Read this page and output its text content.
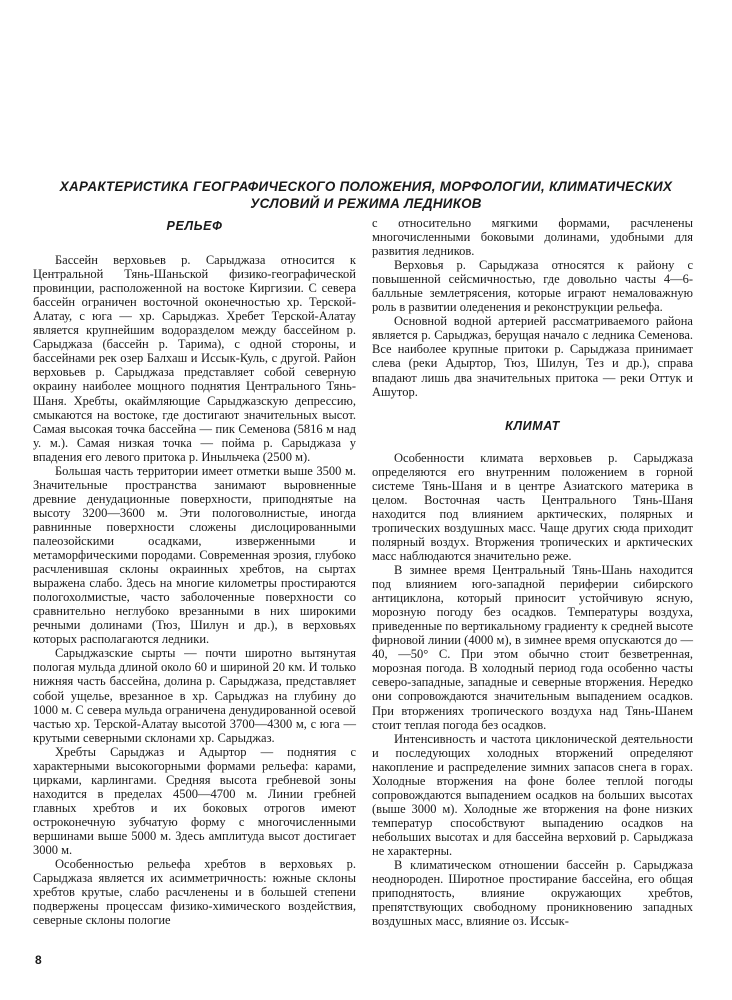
ХАРАКТЕРИСТИКА ГЕОГРАФИЧЕСКОГО ПОЛОЖЕНИЯ, МОРФОЛОГИИ, КЛИМАТИЧЕСКИХ
УСЛОВИЙ И РЕЖИМА ЛЕДНИКОВ
РЕЛЬЕФ

Бассейн верховьев р. Сарыджаза относится к Центральной Тянь-Шаньской физико-географической провинции, расположенной на востоке Киргизии. С севера бассейн ограничен восточной оконечностью хр. Терской-Алатау, с юга — хр. Сарыджаз. Хребет Терской-Алатау является крупнейшим водоразделом между бассейном р. Сарыджаза (бассейн р. Тарима), с одной стороны, и бассейнами рек озер Балхаш и Иссык-Куль, с другой. Район верховьев р. Сарыджаза представляет собой северную окраину наиболее мощного поднятия Центрального Тянь-Шаня. Хребты, окаймляющие Сарыджазскую депрессию, смыкаются на востоке, где достигают значительных высот. Самая высокая точка бассейна — пик Семенова (5816 м над у. м.). Самая низкая точка — пойма р. Сарыджаза у впадения его левого притока р. Иныльчека (2500 м).

Большая часть территории имеет отметки выше 3500 м. Значительные пространства занимают выровненные древние денудационные поверхности, приподнятые на высоту 3200—3600 м. Эти пологоволнистые, иногда равнинные поверхности сложены дислоцированными палеозойскими осадками, изверженными и метаморфическими породами. Современная эрозия, глубоко расчленившая склоны окраинных хребтов, на сыртах выражена слабо. Здесь на многие километры простираются пологохолмистые, часто заболоченные поверхности со сравнительно неглубоко врезанными в них широкими речными долинами (Тюз, Шилун и др.), в верховьях которых располагаются ледники.

Сарыджазские сырты — почти широтно вытянутая пологая мульда длиной около 60 и шириной 20 км. И только нижняя часть бассейна, долина р. Сарыджаза, представляет собой ущелье, врезанное в хр. Сарыджаз на глубину до 1000 м. С севера мульда ограничена денудированной осевой частью хр. Терской-Алатау высотой 3700—4300 м, с юга — крутыми северными склонами хр. Сарыджаз.

Хребты Сарыджаз и Адыртор — поднятия с характерными высокогорными формами рельефа: карами, цирками, карлингами. Средняя высота гребневой зоны находится в пределах 4500—4700 м. Линии гребней главных хребтов и их боковых отрогов имеют остроконечную зубчатую форму с многочисленными вершинами выше 5000 м. Здесь амплитуда высот достигает 3000 м.

Особенностью рельефа хребтов в верховьях р. Сарыджаза является их асимметричность: южные склоны хребтов крутые, слабо расчленены и в большей степени подвержены процессам физико-химического воздействия, северные склоны пологие

с относительно мягкими формами, расчленены многочисленными боковыми долинами, удобными для развития ледников.

Верховья р. Сарыджаза относятся к району с повышенной сейсмичностью, где довольно часты 4—6-балльные землетрясения, которые играют немаловажную роль в развитии оледенения и реконструкции рельефа.

Основной водной артерией рассматриваемого района является р. Сарыджаз, берущая начало с ледника Семенова. Все наиболее крупные притоки р. Сарыджаза принимает слева (реки Адыртор, Тюз, Шилун, Тез и др.), справа впадают лишь два значительных притока — реки Оттук и Ашутор.

КЛИМАТ

Особенности климата верховьев р. Сарыджаза определяются его внутренним положением в горной системе Тянь-Шаня и в центре Азиатского материка в целом. Восточная часть Центрального Тянь-Шаня находится под влиянием арктических, полярных и тропических воздушных масс. Чаще других сюда приходит полярный воздух. Вторжения тропических и арктических масс наблюдаются значительно реже.

В зимнее время Центральный Тянь-Шань находится под влиянием юго-западной периферии сибирского антициклона, который приносит устойчивую ясную, морозную погоду без осадков. Температуры воздуха, приведенные по вертикальному градиенту к средней высоте фирновой линии (4000 м), в зимнее время опускаются до —40, —50° С. При этом обычно стоит безветренная, морозная погода. В холодный период года особенно часты северо-западные, западные и северные вторжения. Нередко они сопровождаются значительным выпадением осадков. При вторжениях тропического воздуха над Тянь-Шанем стоит теплая погода без осадков.

Интенсивность и частота циклонической деятельности и последующих холодных вторжений определяют накопление и распределение зимних запасов снега в горах. Холодные вторжения на фоне более теплой погоды сопровождаются выпадением осадков на больших высотах (выше 3000 м). Холодные же вторжения на фоне низких температур способствуют выпадению осадков на небольших высотах и для бассейна верховий р. Сарыджаза не характерны.

В климатическом отношении бассейн р. Сарыджаза неоднороден. Широтное простирание бассейна, его общая приподнятость, влияние окружающих хребтов, препятствующих свободному проникновению западных воздушных масс, влияние оз. Иссык-

8
